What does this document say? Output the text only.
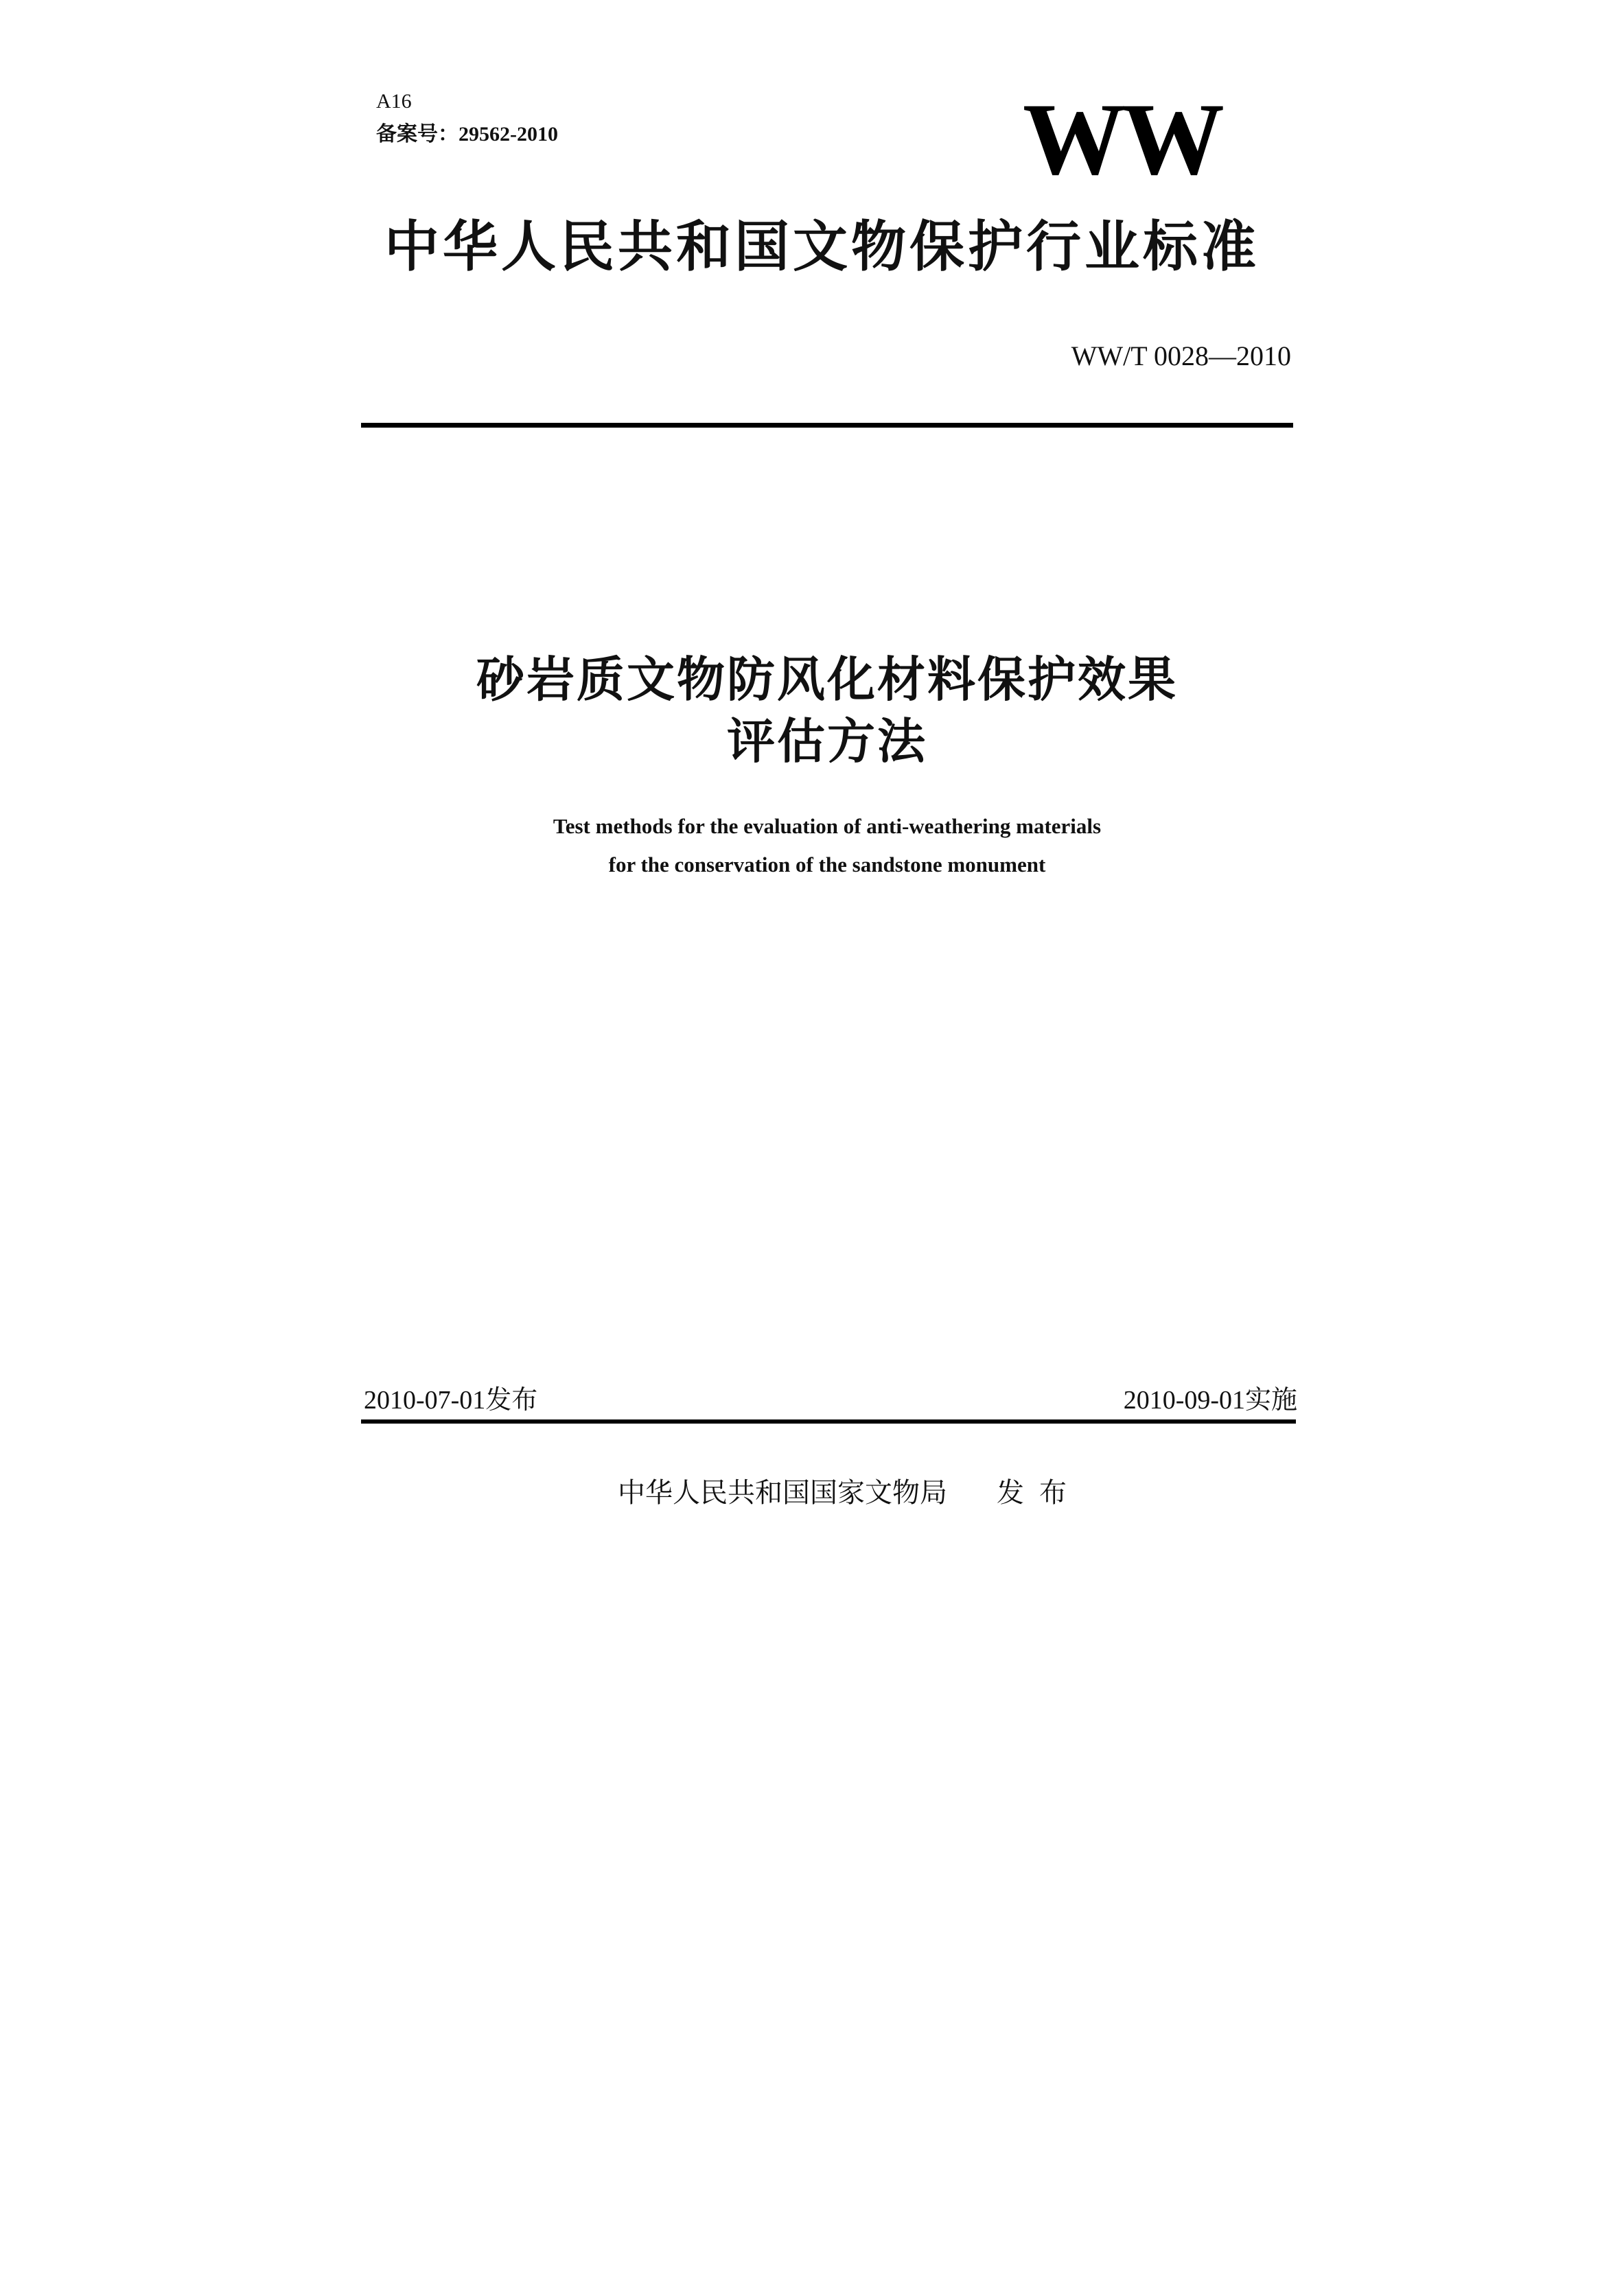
A16

备案号：29562-2010	WW

中华人民共和国文物保护行业标准

WW/T 0028—2010

砂岩质文物防风化材料保护效果
评估方法
Test methods for the evaluation of anti-weathering materials
for the conservation of the sandstone monument

2010-07-01发布	2010-09-01实施

中华人民共和国国家文物局 发布
